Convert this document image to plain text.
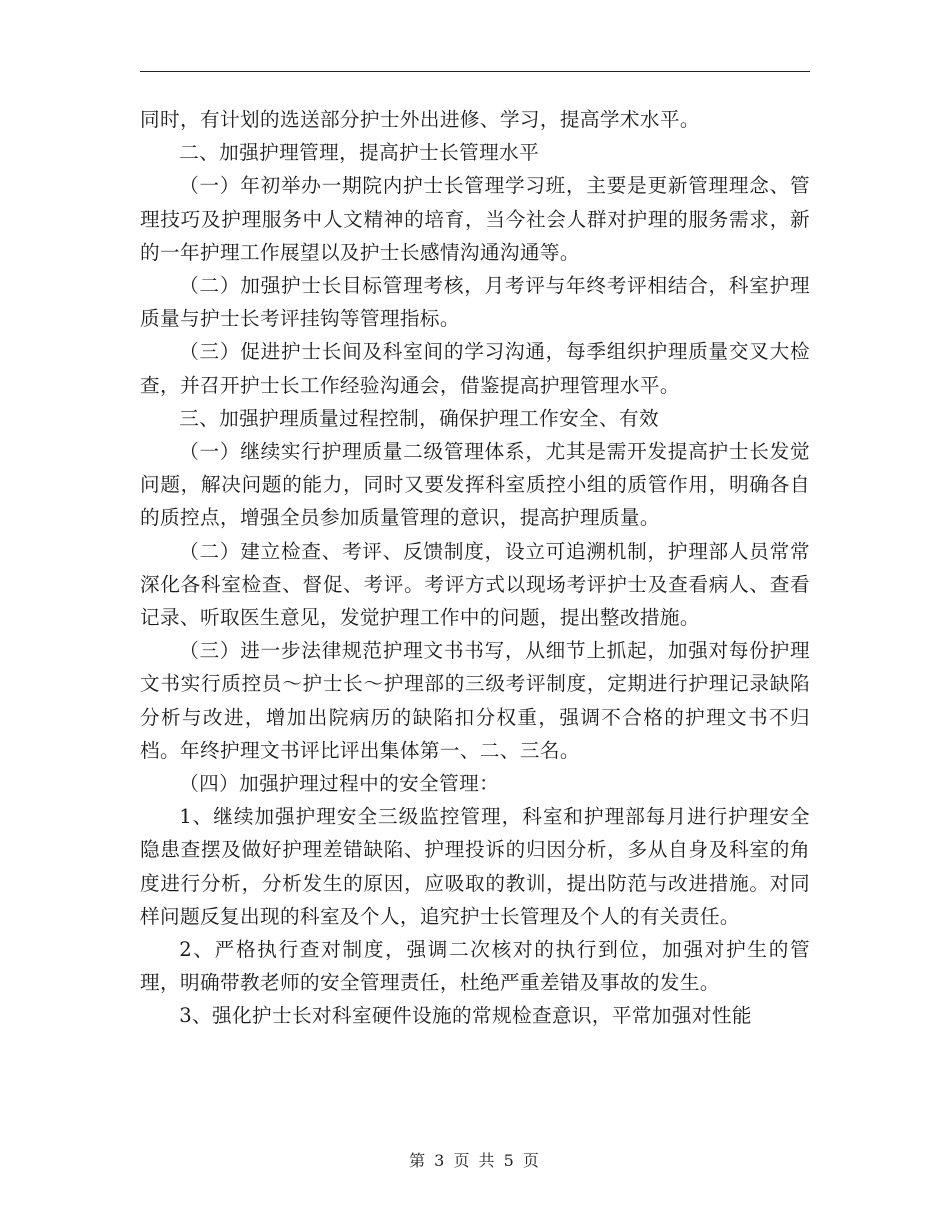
同时，有计划的选送部分护士外出进修、学习，提高学术水平。

二、加强护理管理，提高护士长管理水平

（一）年初举办一期院内护士长管理学习班，主要是更新管理理念、管理技巧及护理服务中人文精神的培育，当今社会人群对护理的服务需求，新的一年护理工作展望以及护士长感情沟通沟通等。

（二）加强护士长目标管理考核，月考评与年终考评相结合，科室护理质量与护士长考评挂钩等管理指标。

（三）促进护士长间及科室间的学习沟通，每季组织护理质量交叉大检查，并召开护士长工作经验沟通会，借鉴提高护理管理水平。

三、加强护理质量过程控制，确保护理工作安全、有效

（一）继续实行护理质量二级管理体系，尤其是需开发提高护士长发觉问题，解决问题的能力，同时又要发挥科室质控小组的质管作用，明确各自的质控点，增强全员参加质量管理的意识，提高护理质量。

（二）建立检查、考评、反馈制度，设立可追溯机制，护理部人员常常深化各科室检查、督促、考评。考评方式以现场考评护士及查看病人、查看记录、听取医生意见，发觉护理工作中的问题，提出整改措施。

（三）进一步法律规范护理文书书写，从细节上抓起，加强对每份护理文书实行质控员～护士长～护理部的三级考评制度，定期进行护理记录缺陷分析与改进，增加出院病历的缺陷扣分权重，强调不合格的护理文书不归档。年终护理文书评比评出集体第一、二、三名。

（四）加强护理过程中的安全管理：

1、继续加强护理安全三级监控管理，科室和护理部每月进行护理安全隐患查摆及做好护理差错缺陷、护理投诉的归因分析，多从自身及科室的角度进行分析，分析发生的原因，应吸取的教训，提出防范与改进措施。对同样问题反复出现的科室及个人，追究护士长管理及个人的有关责任。

2、严格执行查对制度，强调二次核对的执行到位，加强对护生的管理，明确带教老师的安全管理责任，杜绝严重差错及事故的发生。

3、强化护士长对科室硬件设施的常规检查意识，平常加强对性能

第 3 页 共 5 页
